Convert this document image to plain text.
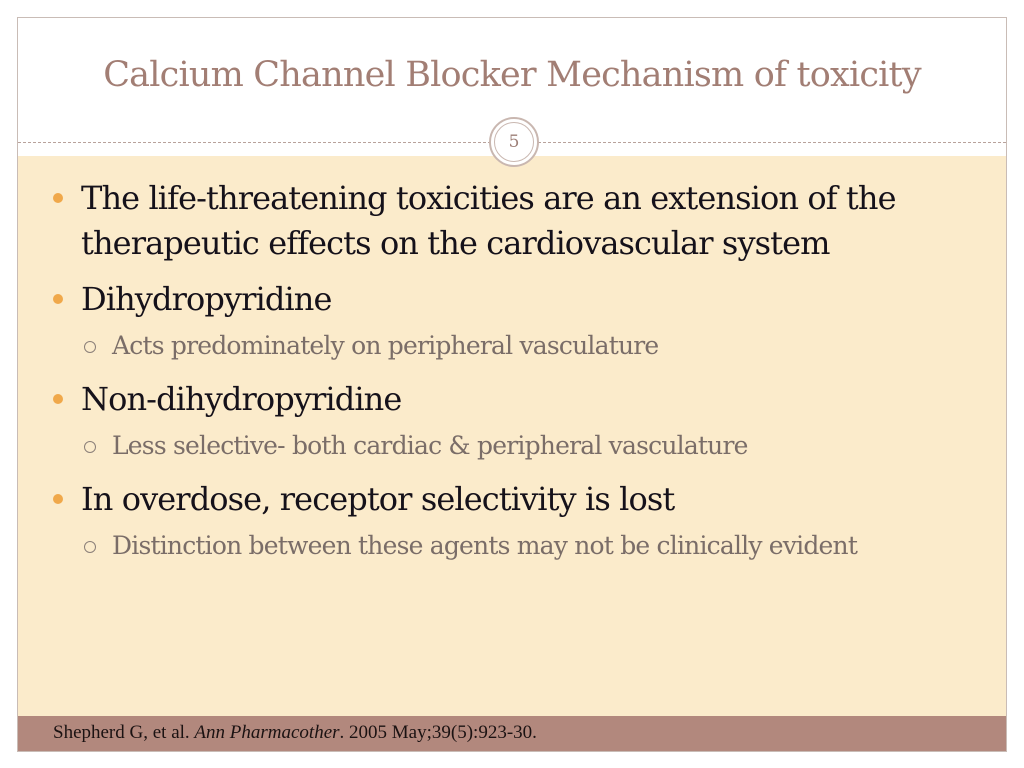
Calcium Channel Blocker Mechanism of toxicity
The life-threatening toxicities are an extension of the
therapeutic effects on the cardiovascular system
Dihydropyridine
Acts predominately on peripheral vasculature
Non-dihydropyridine
Less selective- both cardiac & peripheral vasculature
In overdose, receptor selectivity is lost
Distinction between these agents may not be clinically evident
5
Shepherd G, et al. Ann Pharmacother. 2005 May;39(5):923-30.
